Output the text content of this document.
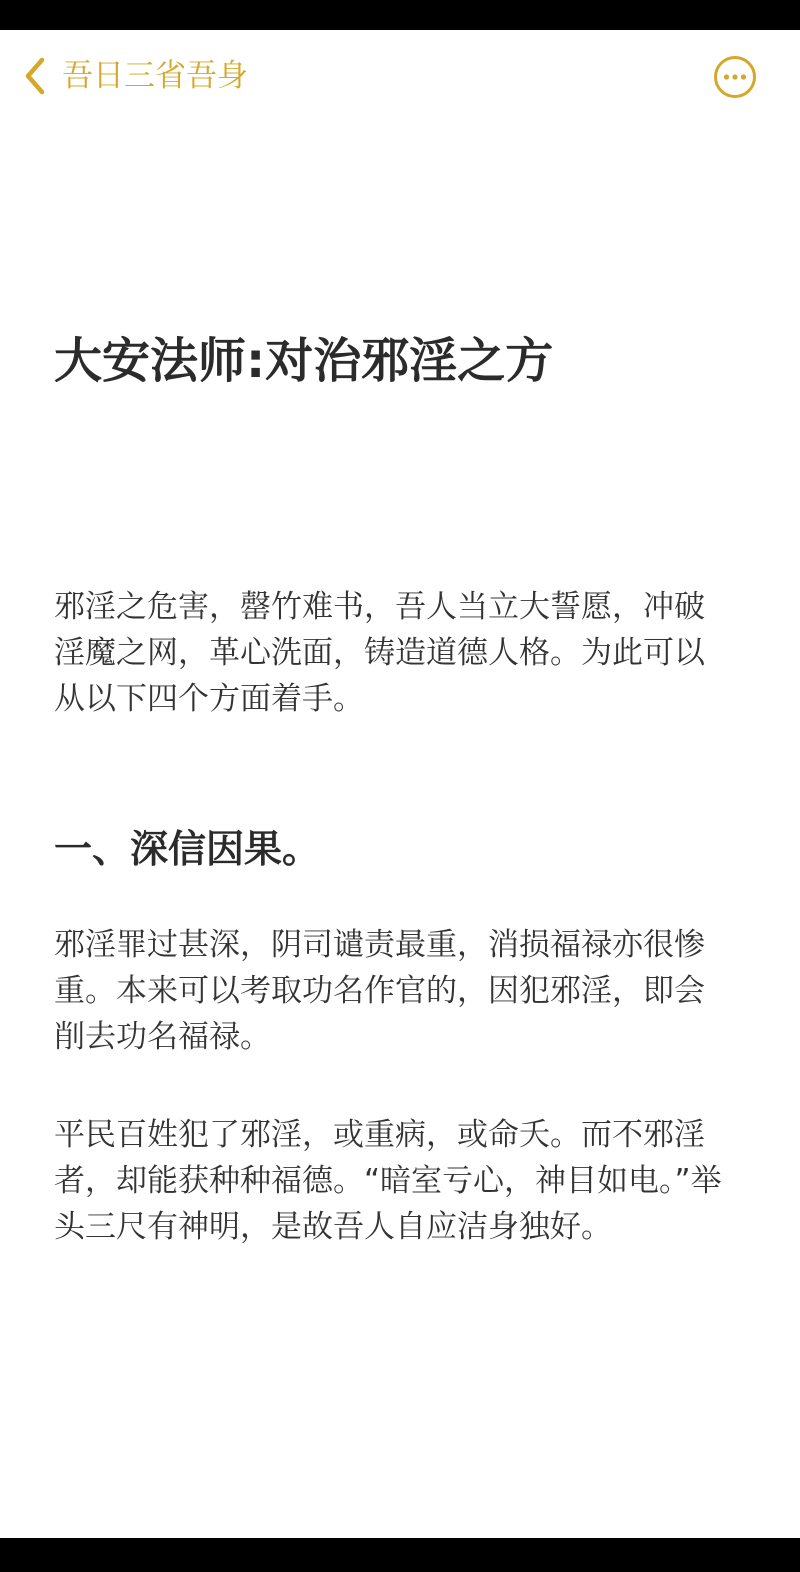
吾日三省吾身
大安法师:对治邪淫之方

邪淫之危害，罄竹难书，吾人当立大誓愿，冲破淫魔之网，革心洗面，铸造道德人格。为此可以从以下四个方面着手。

一、深信因果。

邪淫罪过甚深，阴司谴责最重，消损福禄亦很惨重。本来可以考取功名作官的，因犯邪淫，即会削去功名福禄。

平民百姓犯了邪淫，或重病，或命夭。而不邪淫者，却能获种种福德。“暗室亏心，神目如电。”举头三尺有神明，是故吾人自应洁身独好。
